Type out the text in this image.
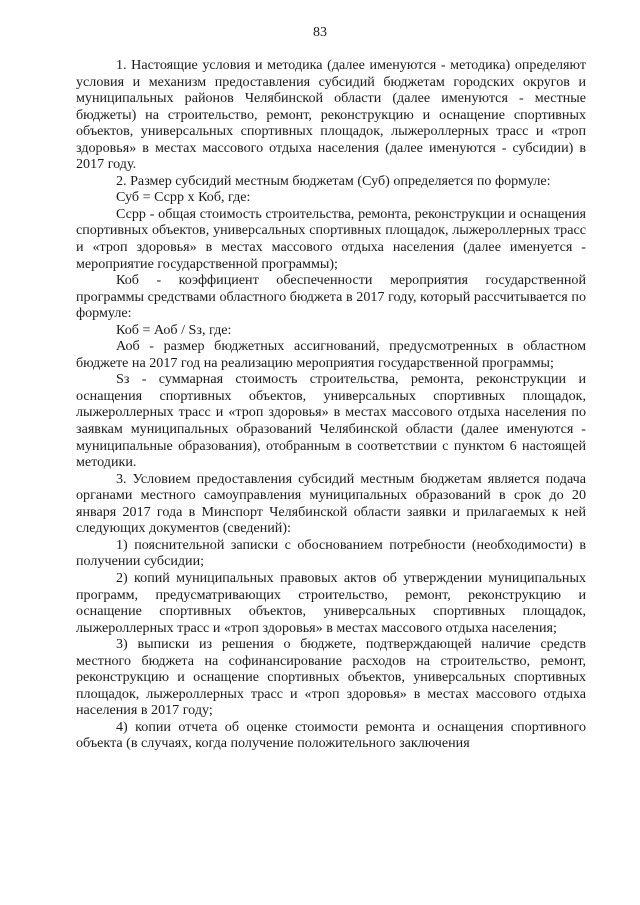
83

1. Настоящие условия и методика (далее именуются - методика) определяют условия и механизм предоставления субсидий бюджетам городских округов и муниципальных районов Челябинской области (далее именуются - местные бюджеты) на строительство, ремонт, реконструкцию и оснащение спортивных объектов, универсальных спортивных площадок, лыжероллерных трасс и «троп здоровья» в местах массового отдыха населения (далее именуются - субсидии) в 2017 году.

2. Размер субсидий местным бюджетам (Суб) определяется по формуле:

Суб = Ссрр х Коб, где:

Ссрр - общая стоимость строительства, ремонта, реконструкции и оснащения спортивных объектов, универсальных спортивных площадок, лыжероллерных трасс и «троп здоровья» в местах массового отдыха населения (далее именуется - мероприятие государственной программы);

Коб - коэффициент обеспеченности мероприятия государственной программы средствами областного бюджета в 2017 году, который рассчитывается по формуле:

Коб = Аоб / Sз, где:

Аоб - размер бюджетных ассигнований, предусмотренных в областном бюджете на 2017 год на реализацию мероприятия государственной программы;

Sз - суммарная стоимость строительства, ремонта, реконструкции и оснащения спортивных объектов, универсальных спортивных площадок, лыжероллерных трасс и «троп здоровья» в местах массового отдыха населения по заявкам муниципальных образований Челябинской области (далее именуются - муниципальные образования), отобранным в соответствии с пунктом 6 настоящей методики.

3. Условием предоставления субсидий местным бюджетам является подача органами местного самоуправления муниципальных образований в срок до 20 января 2017 года в Минспорт Челябинской области заявки и прилагаемых к ней следующих документов (сведений):

1) пояснительной записки с обоснованием потребности (необходимости) в получении субсидии;

2) копий муниципальных правовых актов об утверждении муниципальных программ, предусматривающих строительство, ремонт, реконструкцию и оснащение спортивных объектов, универсальных спортивных площадок, лыжероллерных трасс и «троп здоровья» в местах массового отдыха населения;

3) выписки из решения о бюджете, подтверждающей наличие средств местного бюджета на софинансирование расходов на строительство, ремонт, реконструкцию и оснащение спортивных объектов, универсальных спортивных площадок, лыжероллерных трасс и «троп здоровья» в местах массового отдыха населения в 2017 году;

4) копии отчета об оценке стоимости ремонта и оснащения спортивного объекта (в случаях, когда получение положительного заключения
